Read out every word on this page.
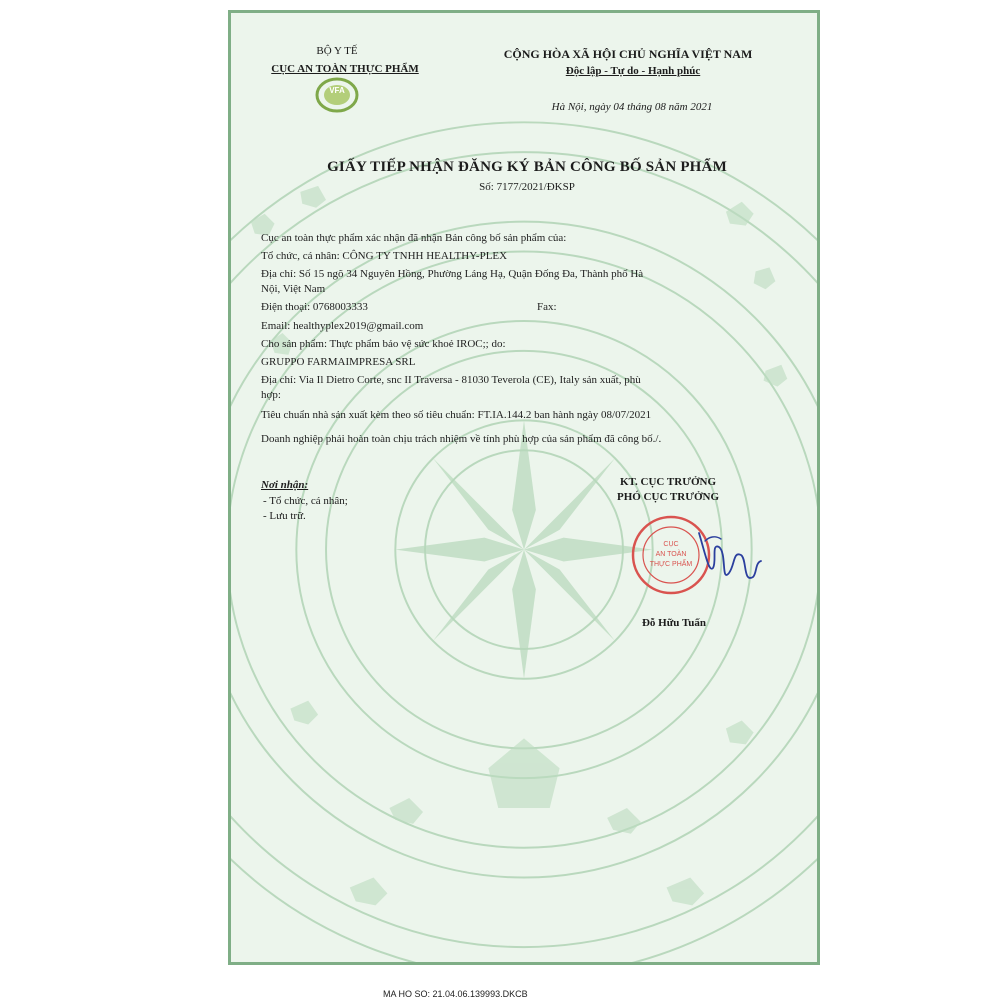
BỘ Y TẾ
CỤC AN TOÀN THỰC PHẨM
VFA
CỘNG HÒA XÃ HỘI CHỦ NGHĨA VIỆT NAM
Độc lập - Tự do - Hạnh phúc
Hà Nội, ngày 04 tháng 08 năm 2021
GIẤY TIẾP NHẬN ĐĂNG KÝ BẢN CÔNG BỐ SẢN PHẨM
Số: 7177/2021/ĐKSP
Cục an toàn thực phẩm xác nhận đã nhận Bản công bố sản phẩm của:
Tổ chức, cá nhân: CÔNG TY TNHH HEALTHY-PLEX
Địa chỉ: Số 15 ngõ 34 Nguyên Hồng, Phường Láng Hạ, Quận Đống Đa, Thành phố Hà
Nội, Việt Nam
Điện thoại: 0768003333	Fax:
Email: healthyplex2019@gmail.com
Cho sản phẩm: Thực phẩm bảo vệ sức khoẻ IROC;; do:
GRUPPO FARMAIMPRESA SRL
Địa chỉ: Via Il Dietro Corte, snc II Traversa - 81030 Teverola (CE), Italy sản xuất, phù
hợp:
Tiêu chuẩn nhà sản xuất kèm theo số tiêu chuẩn: FT.IA.144.2 ban hành ngày 08/07/2021
Doanh nghiệp phải hoàn toàn chịu trách nhiệm về tính phù hợp của sản phẩm đã công bố./.
Nơi nhận:
- Tổ chức, cá nhân;
- Lưu trữ.
KT. CỤC TRƯỞNG
PHÓ CỤC TRƯỞNG
CỤC
AN TOÀN
THỰC PHẨM
Đỗ Hữu Tuấn
MA HO SO: 21.04.06.139993.DKCB
